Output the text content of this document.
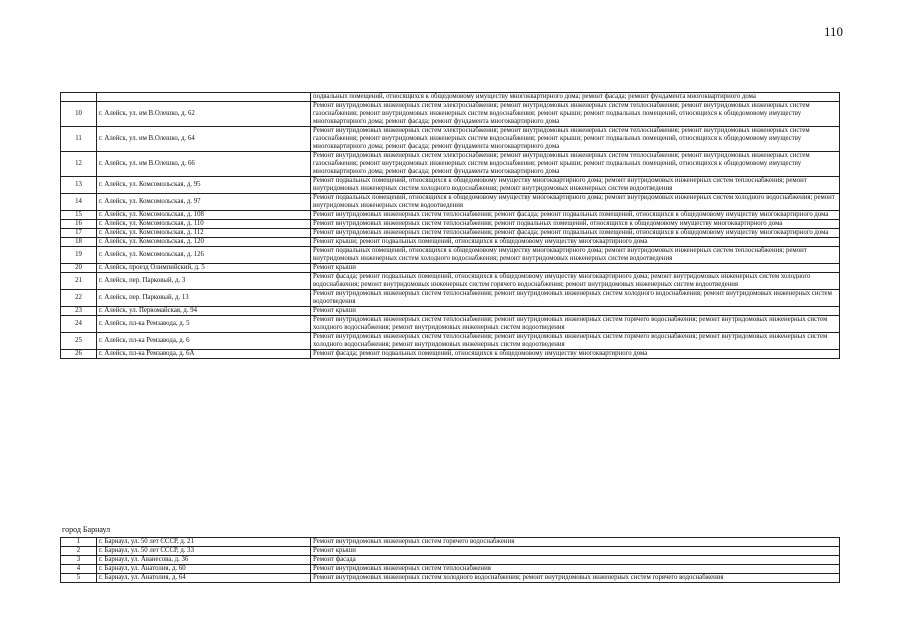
110
		подвальных помещений, относящихся к общедомовому имуществу многоквартирного дома; ремонт фасада; ремонт фундамента многоквартирного дома
10	г. Алейск, ул. им В.Олешко, д. 62	Ремонт внутридомовых инженерных систем электроснабжения; ремонт внутридомовых инженерных систем теплоснабжения; ремонт внутридомовых инженерных систем газоснабжения; ремонт внутридомовых инженерных систем водоснабжения; ремонт крыши; ремонт подвальных помещений, относящихся к общедомовому имуществу многоквартирного дома; ремонт фасада; ремонт фундамента многоквартирного дома
11	г. Алейск, ул. им В.Олешко, д. 64	Ремонт внутридомовых инженерных систем электроснабжения; ремонт внутридомовых инженерных систем теплоснабжения; ремонт внутридомовых инженерных систем газоснабжения; ремонт внутридомовых инженерных систем водоснабжения; ремонт крыши; ремонт подвальных помещений, относящихся к общедомовому имуществу многоквартирного дома; ремонт фасада; ремонт фундамента многоквартирного дома
12	г. Алейск, ул. им В.Олешко, д. 66	Ремонт внутридомовых инженерных систем электроснабжения; ремонт внутридомовых инженерных систем теплоснабжения; ремонт внутридомовых инженерных систем газоснабжения; ремонт внутридомовых инженерных систем водоснабжения; ремонт крыши; ремонт подвальных помещений, относящихся к общедомовому имуществу многоквартирного дома; ремонт фасада; ремонт фундамента многоквартирного дома
13	г. Алейск, ул. Комсомольская, д. 95	Ремонт подвальных помещений, относящихся к общедомовому имуществу многоквартирного дома; ремонт внутридомовых инженерных систем теплоснабжения; ремонт внутридомовых инженерных систем холодного водоснабжения; ремонт внутридомовых инженерных систем водоотведения
14	г. Алейск, ул. Комсомольская, д. 97	Ремонт подвальных помещений, относящихся к общедомовому имуществу многоквартирного дома; ремонт внутридомовых инженерных систем холодного водоснабжения; ремонт внутридомовых инженерных систем водоотведения
15	г. Алейск, ул. Комсомольская, д. 108	Ремонт внутридомовых инженерных систем теплоснабжения; ремонт фасада; ремонт подвальных помещений, относящихся к общедомовому имуществу многоквартирного дома
16	г. Алейск, ул. Комсомольская, д. 110	Ремонт внутридомовых инженерных систем теплоснабжения; ремонт подвальных помещений, относящихся к общедомовому имуществу многоквартирного дома
17	г. Алейск, ул. Комсомольская, д. 112	Ремонт внутридомовых инженерных систем теплоснабжения; ремонт фасада; ремонт подвальных помещений, относящихся к общедомовому имуществу многоквартирного дома
18	г. Алейск, ул. Комсомольская, д. 120	Ремонт крыши; ремонт подвальных помещений, относящихся к общедомовому имуществу многоквартирного дома
19	г. Алейск, ул. Комсомольская, д. 126	Ремонт подвальных помещений, относящихся к общедомовому имуществу многоквартирного дома; ремонт внутридомовых инженерных систем теплоснабжения; ремонт внутридомовых инженерных систем холодного водоснабжения; ремонт внутридомовых инженерных систем водоотведения
20	г. Алейск, проезд Олимпийский, д. 5	Ремонт крыши
21	г. Алейск, пер. Парковый, д. 3	Ремонт фасада; ремонт подвальных помещений, относящихся к общедомовому имуществу многоквартирного дома; ремонт внутридомовых инженерных систем холодного водоснабжения; ремонт внутридомовых инженерных систем горячего водоснабжения; ремонт внутридомовых инженерных систем водоотведения
22	г. Алейск, пер. Парковый, д. 13	Ремонт внутридомовых инженерных систем теплоснабжения; ремонт внутридомовых инженерных систем холодного водоснабжения; ремонт внутридомовых инженерных систем водоотведения
23	г. Алейск, ул. Первомайская, д. 94	Ремонт крыши
24	г. Алейск, пл-ка Ремзавода, д. 5	Ремонт внутридомовых инженерных систем теплоснабжения; ремонт внутридомовых инженерных систем горячего водоснабжения; ремонт внутридомовых инженерных систем холодного водоснабжения; ремонт внутридомовых инженерных систем водоотведения
25	г. Алейск, пл-ка Ремзавода, д. 6	Ремонт внутридомовых инженерных систем теплоснабжения; ремонт внутридомовых инженерных систем горячего водоснабжения; ремонт внутридомовых инженерных систем холодного водоснабжения; ремонт внутридомовых инженерных систем водоотведения
26	г. Алейск, пл-ка Ремзавода, д. 6А	Ремонт фасада; ремонт подвальных помещений, относящихся к общедомовому имуществу многоквартирного дома
город Барнаул
1	г. Барнаул, ул. 50 лет СССР, д. 21	Ремонт внутридомовых инженерных систем горячего водоснабжения
2	г. Барнаул, ул. 50 лет СССР, д. 33	Ремонт крыши
3	г. Барнаул, ул. Аванесова, д. 36	Ремонт фасада
4	г. Барнаул, ул. Анатолия, д. 60	Ремонт внутридомовых инженерных систем теплоснабжения
5	г. Барнаул, ул. Анатолия, д. 64	Ремонт внутридомовых инженерных систем холодного водоснабжения; ремонт внутридомовых инженерных систем горячего водоснабжения
